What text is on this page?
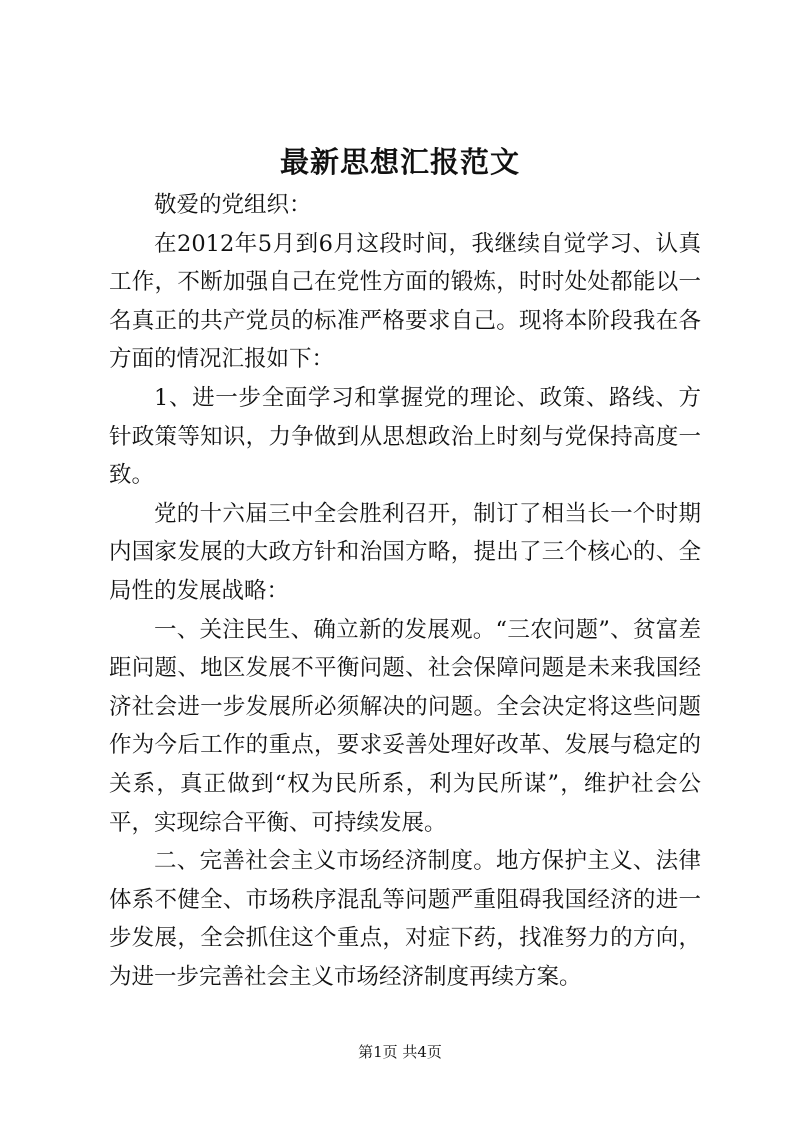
最新思想汇报范文

敬爱的党组织：

在2012年5月到6月这段时间，我继续自觉学习、认真工作，不断加强自己在党性方面的锻炼，时时处处都能以一名真正的共产党员的标准严格要求自己。现将本阶段我在各方面的情况汇报如下：

1、进一步全面学习和掌握党的理论、政策、路线、方针政策等知识，力争做到从思想政治上时刻与党保持高度一致。

党的十六届三中全会胜利召开，制订了相当长一个时期内国家发展的大政方针和治国方略，提出了三个核心的、全局性的发展战略：

一、关注民生、确立新的发展观。“三农问题”、贫富差距问题、地区发展不平衡问题、社会保障问题是未来我国经济社会进一步发展所必须解决的问题。全会决定将这些问题作为今后工作的重点，要求妥善处理好改革、发展与稳定的关系，真正做到“权为民所系，利为民所谋”，维护社会公平，实现综合平衡、可持续发展。

二、完善社会主义市场经济制度。地方保护主义、法律体系不健全、市场秩序混乱等问题严重阻碍我国经济的进一步发展，全会抓住这个重点，对症下药，找准努力的方向，为进一步完善社会主义市场经济制度再续方案。

第1页 共4页
